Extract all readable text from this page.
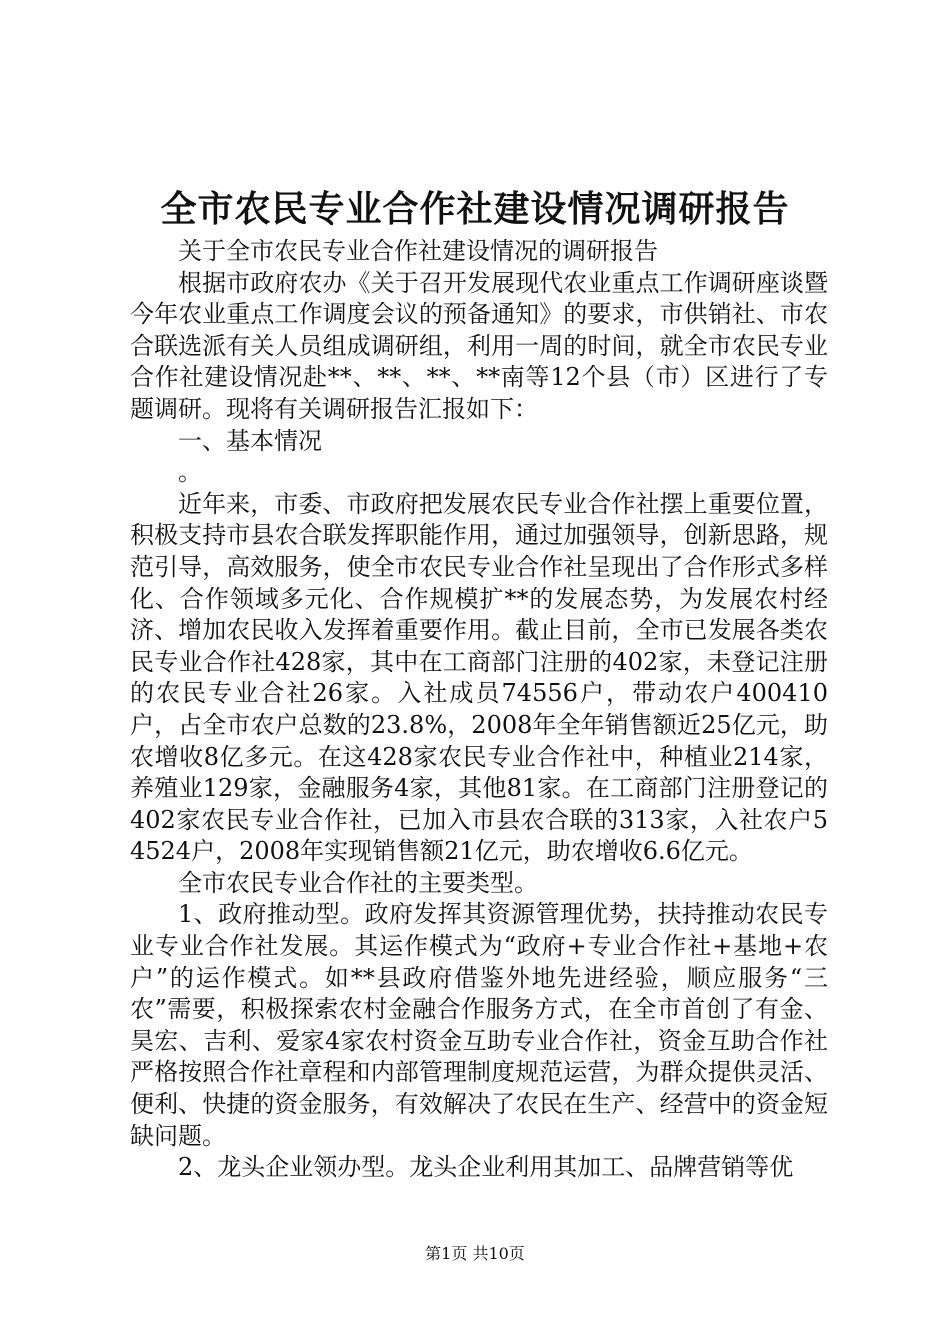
全市农民专业合作社建设情况调研报告

关于全市农民专业合作社建设情况的调研报告

根据市政府农办《关于召开发展现代农业重点工作调研座谈暨今年农业重点工作调度会议的预备通知》的要求，市供销社、市农合联选派有关人员组成调研组，利用一周的时间，就全市农民专业合作社建设情况赴**、**、**、**南等12个县（市）区进行了专题调研。现将有关调研报告汇报如下：

一、基本情况

。

近年来，市委、市政府把发展农民专业合作社摆上重要位置，积极支持市县农合联发挥职能作用，通过加强领导，创新思路，规范引导，高效服务，使全市农民专业合作社呈现出了合作形式多样化、合作领域多元化、合作规模扩**的发展态势，为发展农村经济、增加农民收入发挥着重要作用。截止目前，全市已发展各类农民专业合作社428家，其中在工商部门注册的402家，未登记注册的农民专业合社26家。入社成员74556户，带动农户400410户，占全市农户总数的23.8%，2008年全年销售额近25亿元，助农增收8亿多元。在这428家农民专业合作社中，种植业214家，养殖业129家，金融服务4家，其他81家。在工商部门注册登记的402家农民专业合作社，已加入市县农合联的313家，入社农户54524户，2008年实现销售额21亿元，助农增收6.6亿元。

全市农民专业合作社的主要类型。

1、政府推动型。政府发挥其资源管理优势，扶持推动农民专业专业合作社发展。其运作模式为“政府+专业合作社+基地+农户”的运作模式。如**县政府借鉴外地先进经验，顺应服务“三农”需要，积极探索农村金融合作服务方式，在全市首创了有金、昊宏、吉利、爱家4家农村资金互助专业合作社，资金互助合作社严格按照合作社章程和内部管理制度规范运营，为群众提供灵活、便利、快捷的资金服务，有效解决了农民在生产、经营中的资金短缺问题。

2、龙头企业领办型。龙头企业利用其加工、品牌营销等优

第1页 共10页
